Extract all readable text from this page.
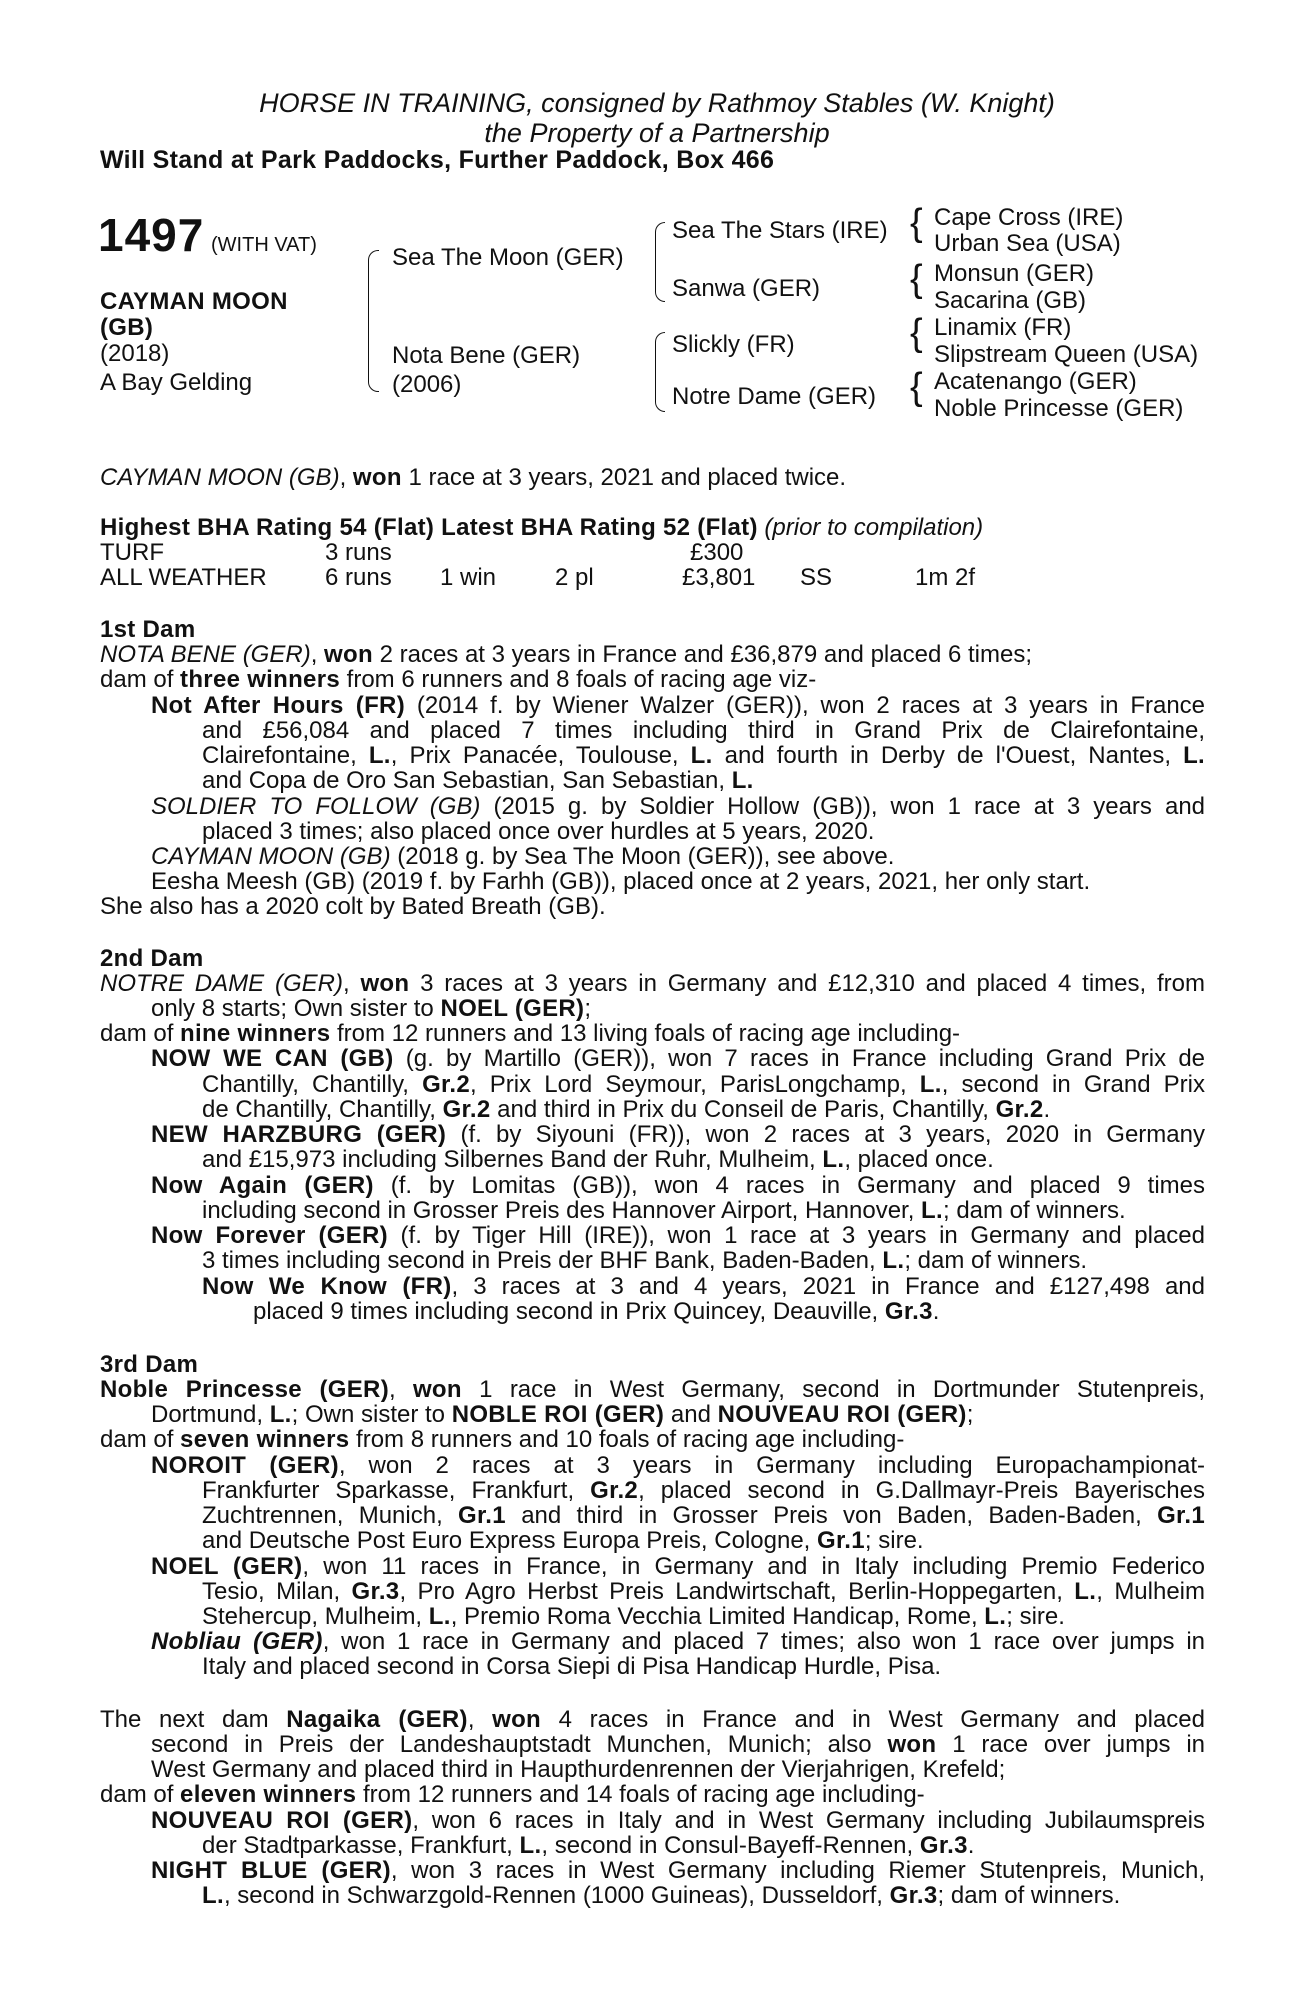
HORSE IN TRAINING, consigned by Rathmoy Stables (W. Knight)
the Property of a Partnership
Will Stand at Park Paddocks, Further Paddock, Box 466
1497 (WITH VAT)
CAYMAN MOON
(GB)
(2018)
A Bay Gelding
Sea The Moon (GER)
Nota Bene (GER)
(2006)
Sea The Stars (IRE)
Sanwa (GER)
Slickly (FR)
Notre Dame (GER)
{
{
{
{
Cape Cross (IRE)
Urban Sea (USA)
Monsun (GER)
Sacarina (GB)
Linamix (FR)
Slipstream Queen (USA)
Acatenango (GER)
Noble Princesse (GER)
CAYMAN MOON (GB), won 1 race at 3 years, 2021 and placed twice.
Highest BHA Rating 54 (Flat) Latest BHA Rating 52 (Flat) (prior to compilation)
TURF	3 runs	£300
ALL WEATHER 6 runs 1 win 2 pl	£3,801 SS	1m 2f
1st Dam
NOTA BENE (GER), won 2 races at 3 years in France and £36,879 and placed 6 times;
dam of three winners from 6 runners and 8 foals of racing age viz-
Not After Hours (FR) (2014 f. by Wiener Walzer (GER)), won 2 races at 3 years in France
and £56,084 and placed 7 times including third in Grand Prix de Clairefontaine,
Clairefontaine, L., Prix Panacée, Toulouse, L. and fourth in Derby de l'Ouest, Nantes, L.
and Copa de Oro San Sebastian, San Sebastian, L.
SOLDIER TO FOLLOW (GB) (2015 g. by Soldier Hollow (GB)), won 1 race at 3 years and
placed 3 times; also placed once over hurdles at 5 years, 2020.
CAYMAN MOON (GB) (2018 g. by Sea The Moon (GER)), see above.
Eesha Meesh (GB) (2019 f. by Farhh (GB)), placed once at 2 years, 2021, her only start.
She also has a 2020 colt by Bated Breath (GB).
2nd Dam
NOTRE DAME (GER), won 3 races at 3 years in Germany and £12,310 and placed 4 times, from
only 8 starts; Own sister to NOEL (GER);
dam of nine winners from 12 runners and 13 living foals of racing age including-
NOW WE CAN (GB) (g. by Martillo (GER)), won 7 races in France including Grand Prix de
Chantilly, Chantilly, Gr.2, Prix Lord Seymour, ParisLongchamp, L., second in Grand Prix
de Chantilly, Chantilly, Gr.2 and third in Prix du Conseil de Paris, Chantilly, Gr.2.
NEW HARZBURG (GER) (f. by Siyouni (FR)), won 2 races at 3 years, 2020 in Germany
and £15,973 including Silbernes Band der Ruhr, Mulheim, L., placed once.
Now Again (GER) (f. by Lomitas (GB)), won 4 races in Germany and placed 9 times
including second in Grosser Preis des Hannover Airport, Hannover, L.; dam of winners.
Now Forever (GER) (f. by Tiger Hill (IRE)), won 1 race at 3 years in Germany and placed
3 times including second in Preis der BHF Bank, Baden-Baden, L.; dam of winners.
Now We Know (FR), 3 races at 3 and 4 years, 2021 in France and £127,498 and
placed 9 times including second in Prix Quincey, Deauville, Gr.3.
3rd Dam
Noble Princesse (GER), won 1 race in West Germany, second in Dortmunder Stutenpreis,
Dortmund, L.; Own sister to NOBLE ROI (GER) and NOUVEAU ROI (GER);
dam of seven winners from 8 runners and 10 foals of racing age including-
NOROIT (GER), won 2 races at 3 years in Germany including Europachampionat-
Frankfurter Sparkasse, Frankfurt, Gr.2, placed second in G.Dallmayr-Preis Bayerisches
Zuchtrennen, Munich, Gr.1 and third in Grosser Preis von Baden, Baden-Baden, Gr.1
and Deutsche Post Euro Express Europa Preis, Cologne, Gr.1; sire.
NOEL (GER), won 11 races in France, in Germany and in Italy including Premio Federico
Tesio, Milan, Gr.3, Pro Agro Herbst Preis Landwirtschaft, Berlin-Hoppegarten, L., Mulheim
Stehercup, Mulheim, L., Premio Roma Vecchia Limited Handicap, Rome, L.; sire.
Nobliau (GER), won 1 race in Germany and placed 7 times; also won 1 race over jumps in
Italy and placed second in Corsa Siepi di Pisa Handicap Hurdle, Pisa.
The next dam Nagaika (GER), won 4 races in France and in West Germany and placed
second in Preis der Landeshauptstadt Munchen, Munich; also won 1 race over jumps in
West Germany and placed third in Haupthurdenrennen der Vierjahrigen, Krefeld;
dam of eleven winners from 12 runners and 14 foals of racing age including-
NOUVEAU ROI (GER), won 6 races in Italy and in West Germany including Jubilaumspreis
der Stadtparkasse, Frankfurt, L., second in Consul-Bayeff-Rennen, Gr.3.
NIGHT BLUE (GER), won 3 races in West Germany including Riemer Stutenpreis, Munich,
L., second in Schwarzgold-Rennen (1000 Guineas), Dusseldorf, Gr.3; dam of winners.
